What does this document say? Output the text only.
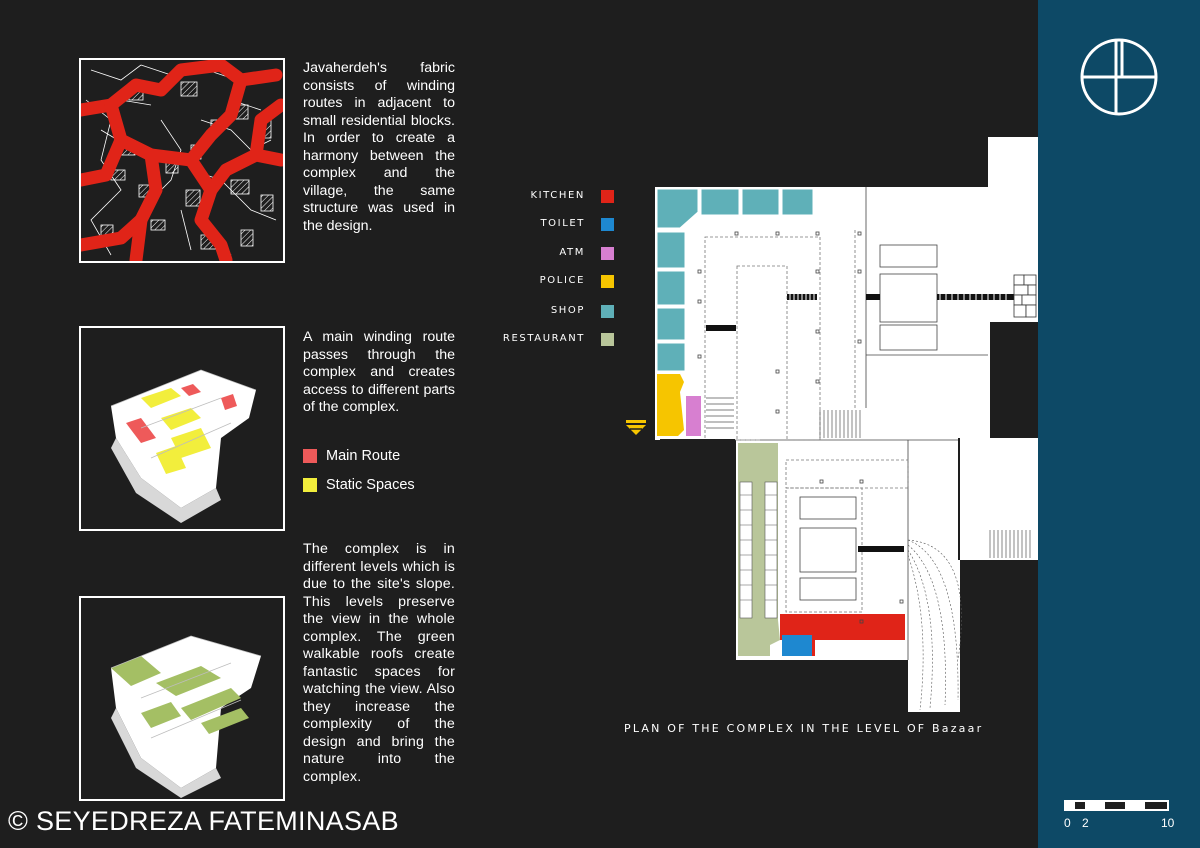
Javaherdeh's fabric consists of winding routes in adjacent to small residential blocks. In order to create a harmony between the complex and the village, the same structure was used in the design.

A main winding route passes through the complex and creates access to different parts of the complex.

Main Route
Static Spaces

The complex is in different levels which is due to the site's slope. This levels preserve the view in the whole complex. The green walkable roofs create fantastic spaces for watching the view. Also they increase the complexity of the design and bring the nature into the complex.

KITCHEN
TOILET
ATM
POLICE
SHOP
RESTAURANT
PLAN OF THE COMPLEX IN THE LEVEL OF Bazaar
© SEYEDREZA FATEMINASAB	0 2	10
